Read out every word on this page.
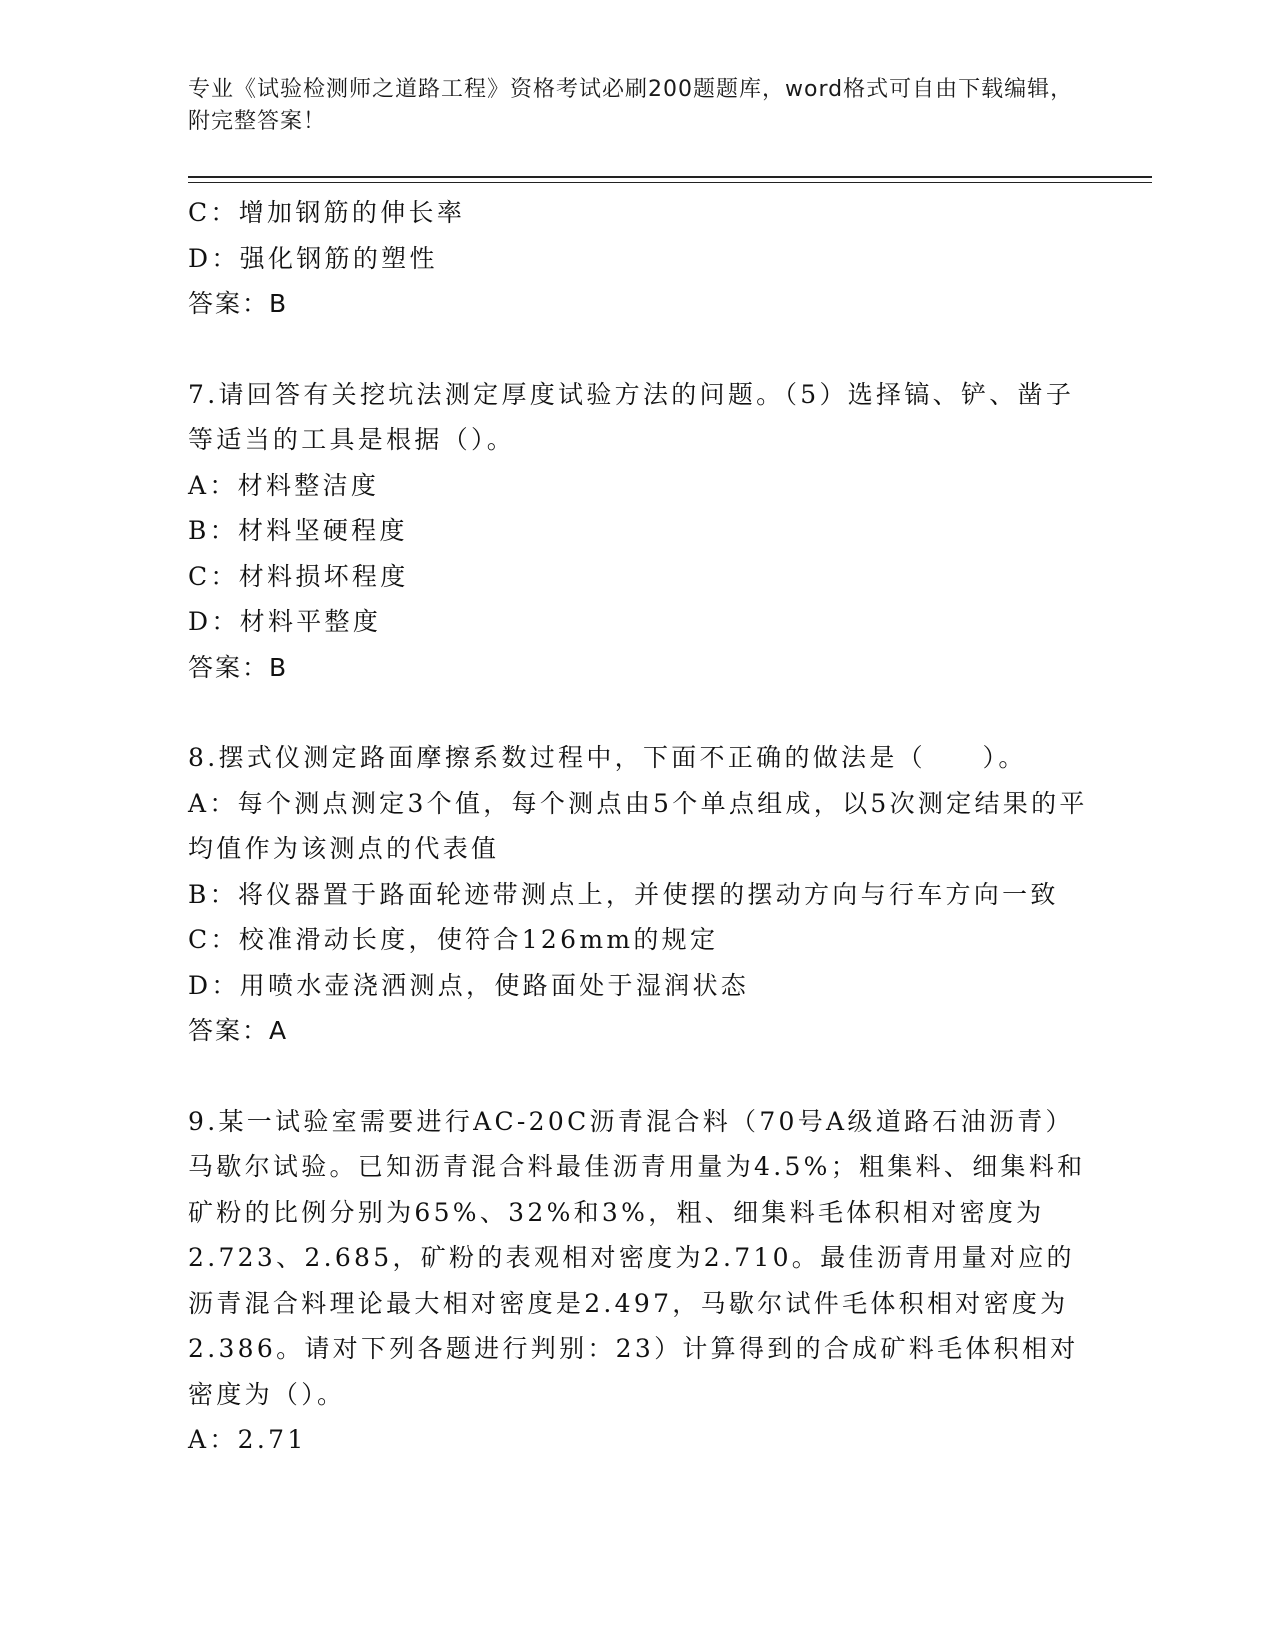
专业《试验检测师之道路工程》资格考试必刷200题题库，word格式可自由下载编辑，附完整答案！
C：增加钢筋的伸长率
D：强化钢筋的塑性
答案：B
7.请回答有关挖坑法测定厚度试验方法的问题。（5）选择镐、铲、凿子等适当的工具是根据（）。
A：材料整洁度
B：材料坚硬程度
C：材料损坏程度
D：材料平整度
答案：B
8.摆式仪测定路面摩擦系数过程中，下面不正确的做法是（　　）。
A：每个测点测定3个值，每个测点由5个单点组成，以5次测定结果的平均值作为该测点的代表值
B：将仪器置于路面轮迹带测点上，并使摆的摆动方向与行车方向一致
C：校准滑动长度，使符合126mm的规定
D：用喷水壶浇洒测点，使路面处于湿润状态
答案：A
9.某一试验室需要进行AC-20C沥青混合料（70号A级道路石油沥青）马歇尔试验。已知沥青混合料最佳沥青用量为4.5%；粗集料、细集料和矿粉的比例分别为65%、32%和3%，粗、细集料毛体积相对密度为2.723、2.685，矿粉的表观相对密度为2.710。最佳沥青用量对应的沥青混合料理论最大相对密度是2.497，马歇尔试件毛体积相对密度为2.386。请对下列各题进行判别：23）计算得到的合成矿料毛体积相对密度为（）。
A：2.71
